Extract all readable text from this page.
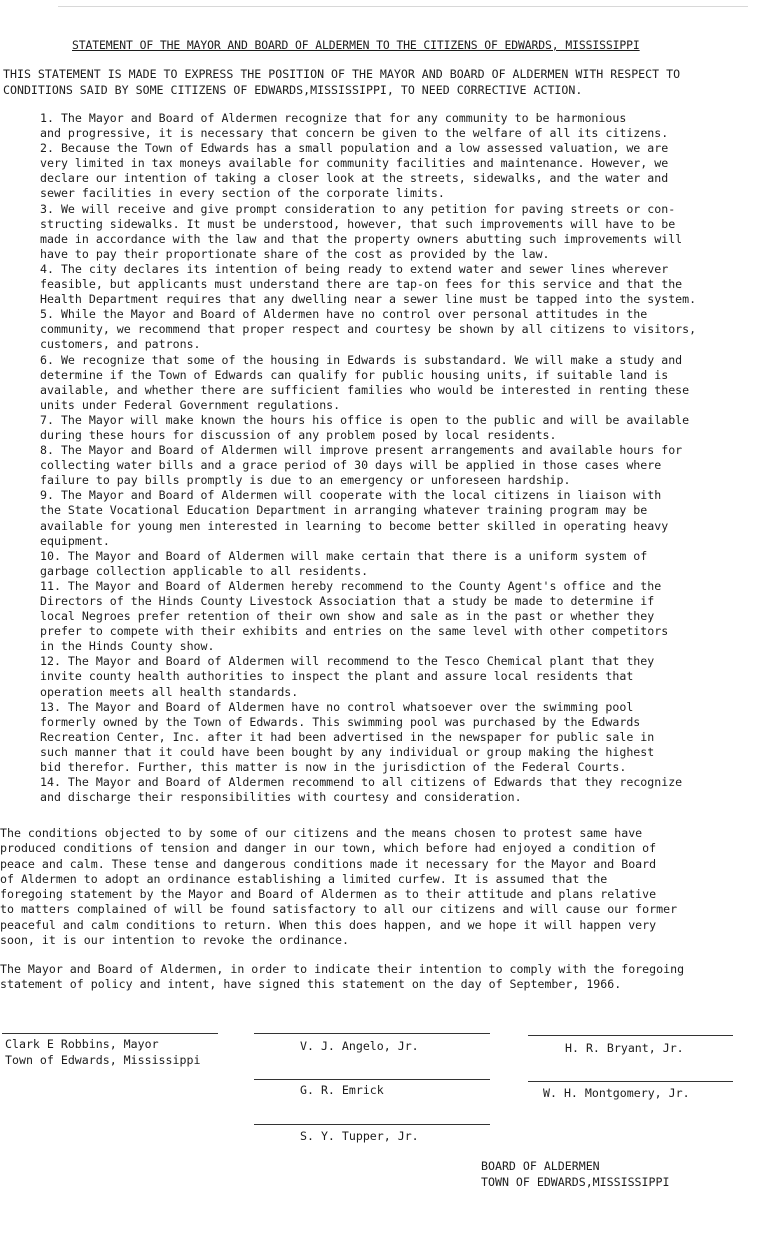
STATEMENT OF THE MAYOR AND BOARD OF ALDERMEN TO THE CITIZENS OF EDWARDS, MISSISSIPPI
THIS STATEMENT IS MADE TO EXPRESS THE POSITION OF THE MAYOR AND BOARD OF ALDERMEN WITH RESPECT TO
CONDITIONS SAID BY SOME CITIZENS OF EDWARDS,MISSISSIPPI, TO NEED CORRECTIVE ACTION.

1. The Mayor and Board of Aldermen recognize that for any community to be harmonious
and progressive, it is necessary that concern be given to the welfare of all its citizens.

2. Because the Town of Edwards has a small population and a low assessed valuation, we are
very limited in tax moneys available for community facilities and maintenance. However, we
declare our intention of taking a closer look at the streets, sidewalks, and the water and
sewer facilities in every section of the corporate limits.

3. We will receive and give prompt consideration to any petition for paving streets or con-
structing sidewalks. It must be understood, however, that such improvements will have to be
made in accordance with the law and that the property owners abutting such improvements will
have to pay their proportionate share of the cost as provided by the law.

4. The city declares its intention of being ready to extend water and sewer lines wherever
feasible, but applicants must understand there are tap-on fees for this service and that the
Health Department requires that any dwelling near a sewer line must be tapped into the system.

5. While the Mayor and Board of Aldermen have no control over personal attitudes in the
community, we recommend that proper respect and courtesy be shown by all citizens to visitors,
customers, and patrons.

6. We recognize that some of the housing in Edwards is substandard. We will make a study and
determine if the Town of Edwards can qualify for public housing units, if suitable land is
available, and whether there are sufficient families who would be interested in renting these
units under Federal Government regulations.

7. The Mayor will make known the hours his office is open to the public and will be available
during these hours for discussion of any problem posed by local residents.

8. The Mayor and Board of Aldermen will improve present arrangements and available hours for
collecting water bills and a grace period of 30 days will be applied in those cases where
failure to pay bills promptly is due to an emergency or unforeseen hardship.

9. The Mayor and Board of Aldermen will cooperate with the local citizens in liaison with
the State Vocational Education Department in arranging whatever training program may be
available for young men interested in learning to become better skilled in operating heavy
equipment.

10. The Mayor and Board of Aldermen will make certain that there is a uniform system of
garbage collection applicable to all residents.

11. The Mayor and Board of Aldermen hereby recommend to the County Agent's office and the
Directors of the Hinds County Livestock Association that a study be made to determine if
local Negroes prefer retention of their own show and sale as in the past or whether they
prefer to compete with their exhibits and entries on the same level with other competitors
in the Hinds County show.

12. The Mayor and Board of Aldermen will recommend to the Tesco Chemical plant that they
invite county health authorities to inspect the plant and assure local residents that
operation meets all health standards.

13. The Mayor and Board of Aldermen have no control whatsoever over the swimming pool
formerly owned by the Town of Edwards. This swimming pool was purchased by the Edwards
Recreation Center, Inc. after it had been advertised in the newspaper for public sale in
such manner that it could have been bought by any individual or group making the highest
bid therefor. Further, this matter is now in the jurisdiction of the Federal Courts.

14. The Mayor and Board of Aldermen recommend to all citizens of Edwards that they recognize
and discharge their responsibilities with courtesy and consideration.

The conditions objected to by some of our citizens and the means chosen to protest same have
produced conditions of tension and danger in our town, which before had enjoyed a condition of
peace and calm. These tense and dangerous conditions made it necessary for the Mayor and Board
of Aldermen to adopt an ordinance establishing a limited curfew. It is assumed that the
foregoing statement by the Mayor and Board of Aldermen as to their attitude and plans relative
to matters complained of will be found satisfactory to all our citizens and will cause our former
peaceful and calm conditions to return. When this does happen, and we hope it will happen very
soon, it is our intention to revoke the ordinance.
The Mayor and Board of Aldermen, in order to indicate their intention to comply with the foregoing
statement of policy and intent, have signed this statement on the day of September, 1966.
Clark E Robbins, Mayor
Town of Edwards, Mississippi
V. J. Angelo, Jr.	H. R. Bryant, Jr.
G. R. Emrick	W. H. Montgomery, Jr.
S. Y. Tupper, Jr.
BOARD OF ALDERMEN
TOWN OF EDWARDS,MISSISSIPPI
